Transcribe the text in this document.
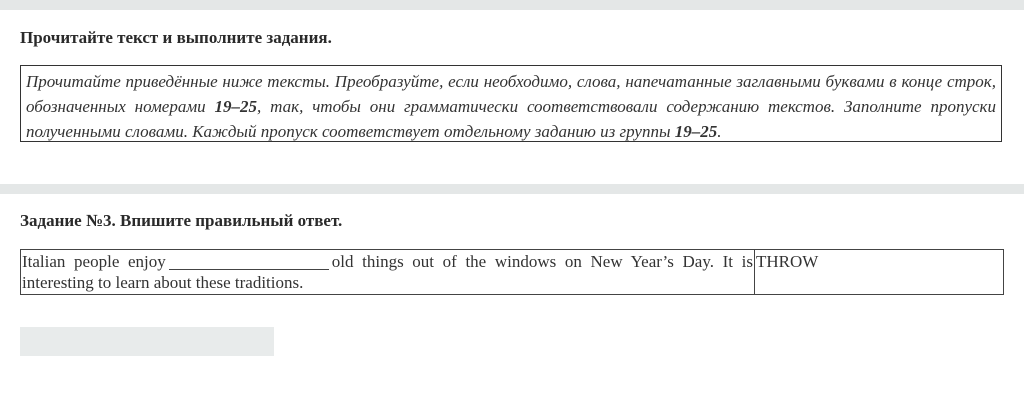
Прочитайте текст и выполните задания.
Прочитайте приведённые ниже тексты. Преобразуйте, если необходимо, слова, напечатанные заглавными буквами в конце строк, обозначенных номерами 19–25, так, чтобы они грамматически соответствовали содержанию текстов. Заполните пропуски полученными словами. Каждый пропуск соответствует отдельному заданию из группы 19–25.
Задание №3. Впишите правильный ответ.
Italian people enjoy	old things out of the windows on New Year’s Day. It is interesting to learn about these traditions.	THROW
